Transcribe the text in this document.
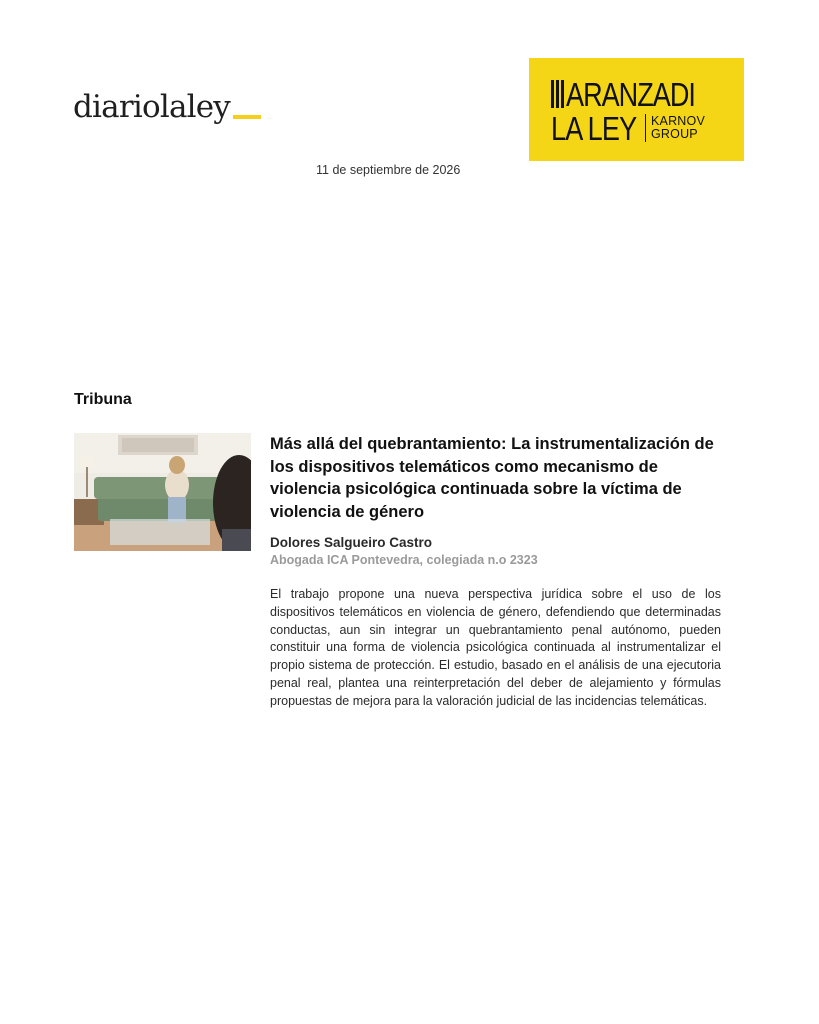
diariolaley	ARANZADI
LA LEY KARNOV
GROUP
11 de septiembre de 2026
Tribuna
Más allá del quebrantamiento: La instrumentalización de los dispositivos telemáticos como mecanismo de violencia psicológica continuada sobre la víctima de violencia de género
Dolores Salgueiro Castro
Abogada ICA Pontevedra, colegiada n.o 2323

El trabajo propone una nueva perspectiva jurídica sobre el uso de los dispositivos telemáticos en violencia de género, defendiendo que determinadas conductas, aun sin integrar un quebrantamiento penal autónomo, pueden constituir una forma de violencia psicológica continuada al instrumentalizar el propio sistema de protección. El estudio, basado en el análisis de una ejecutoria penal real, plantea una reinterpretación del deber de alejamiento y fórmulas propuestas de mejora para la valoración judicial de las incidencias telemáticas.
